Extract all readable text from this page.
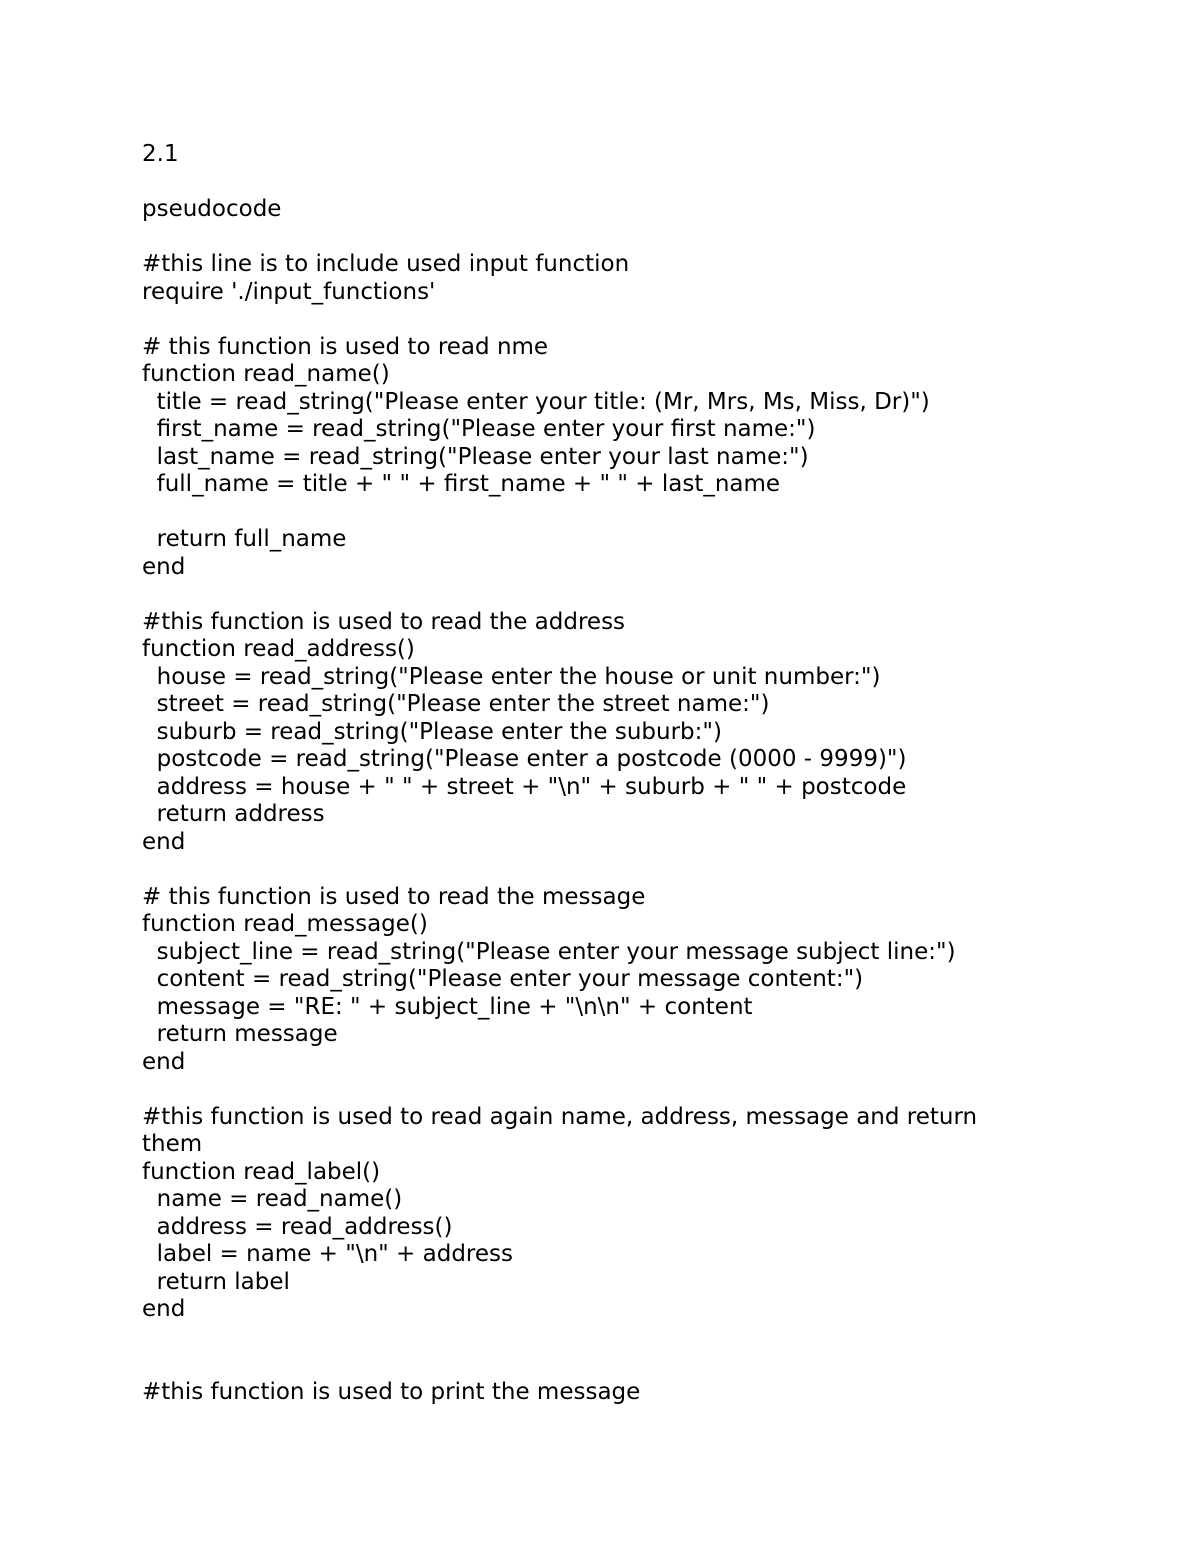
2.1
pseudocode
#this line is to include used input function
require './input_functions'
# this function is used to read nme
function read_name()
title = read_string("Please enter your title: (Mr, Mrs, Ms, Miss, Dr)")
first_name = read_string("Please enter your first name:")
last_name = read_string("Please enter your last name:")
full_name = title + " " + first_name + " " + last_name
return full_name
end
#this function is used to read the address
function read_address()
house = read_string("Please enter the house or unit number:")
street = read_string("Please enter the street name:")
suburb = read_string("Please enter the suburb:")
postcode = read_string("Please enter a postcode (0000 - 9999)")
address = house + " " + street + "\n" + suburb + " " + postcode
return address
end
# this function is used to read the message
function read_message()
subject_line = read_string("Please enter your message subject line:")
content = read_string("Please enter your message content:")
message = "RE: " + subject_line + "\n\n" + content
return message
end
#this function is used to read again name, address, message and return
them
function read_label()
name = read_name()
address = read_address()
label = name + "\n" + address
return label
end
#this function is used to print the message
